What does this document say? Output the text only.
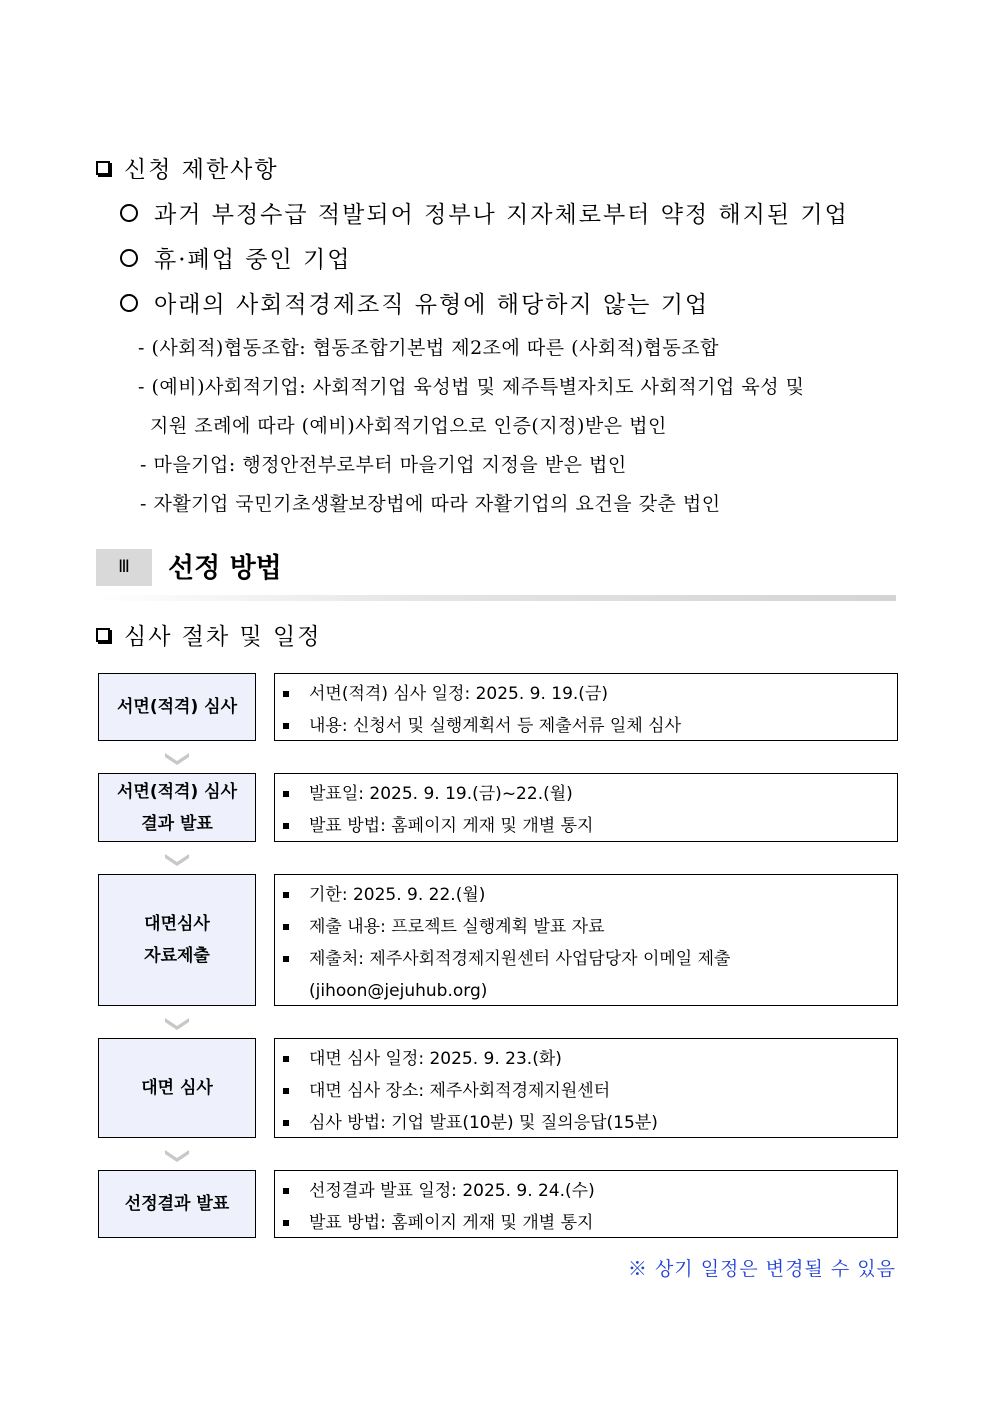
신청 제한사항
과거 부정수급 적발되어 정부나 지자체로부터 약정 해지된 기업
휴·폐업 중인 기업
아래의 사회적경제조직 유형에 해당하지 않는 기업
- (사회적)협동조합: 협동조합기본법 제2조에 따른 (사회적)협동조합
- (예비)사회적기업: 사회적기업 육성법 및 제주특별자치도 사회적기업 육성 및
지원 조례에 따라 (예비)사회적기업으로 인증(지정)받은 법인
- 마을기업: 행정안전부로부터 마을기업 지정을 받은 법인
- 자활기업 국민기초생활보장법에 따라 자활기업의 요건을 갖춘 법인
Ⅲ	선정 방법
심사 절차 및 일정
서면(적격) 심사
서면(적격) 심사 일정: 2025. 9. 19.(금)
내용: 신청서 및 실행계획서 등 제출서류 일체 심사
서면(적격) 심사
결과 발표
발표일: 2025. 9. 19.(금)~22.(월)
발표 방법: 홈페이지 게재 및 개별 통지
대면심사
자료제출
기한: 2025. 9. 22.(월)
제출 내용: 프로젝트 실행계획 발표 자료
제출처: 제주사회적경제지원센터 사업담당자 이메일 제출
(jihoon@jejuhub.org)
대면 심사
대면 심사 일정: 2025. 9. 23.(화)
대면 심사 장소: 제주사회적경제지원센터
심사 방법: 기업 발표(10분) 및 질의응답(15분)
선정결과 발표
선정결과 발표 일정: 2025. 9. 24.(수)
발표 방법: 홈페이지 게재 및 개별 통지
※ 상기 일정은 변경될 수 있음
